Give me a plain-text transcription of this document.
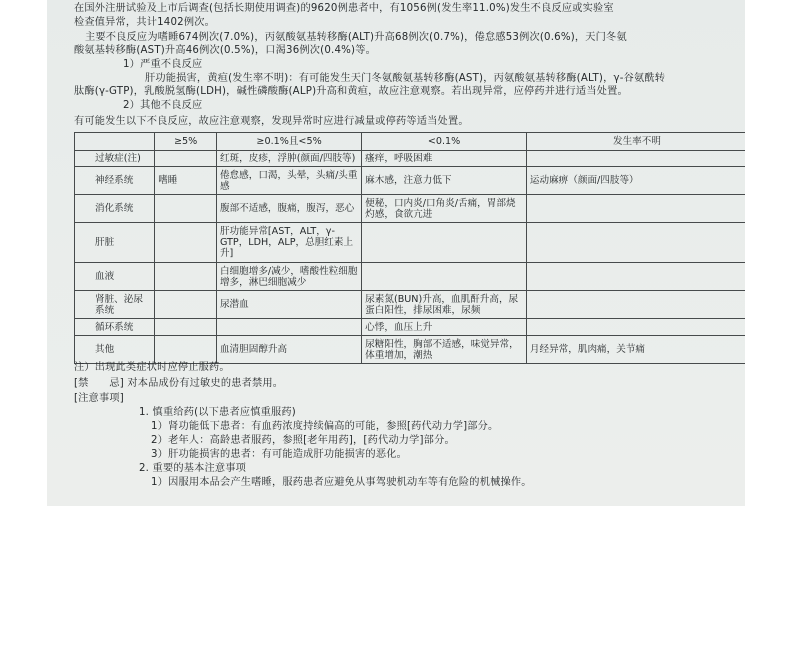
在国外注册试验及上市后调查(包括长期使用调查)的9620例患者中，有1056例(发生率11.0%)发生不良反应或实验室
检查值异常，共计1402例次。
主要不良反应为嗜睡674例次(7.0%)，丙氨酸氨基转移酶(ALT)升高68例次(0.7%)，倦怠感53例次(0.6%)，天门冬氨
酸氨基转移酶(AST)升高46例次(0.5%)，口渴36例次(0.4%)等。
1）严重不良反应
肝功能损害，黄疸(发生率不明)：有可能发生天门冬氨酸氨基转移酶(AST)，丙氨酸氨基转移酶(ALT)，γ-谷氨酰转
肽酶(γ-GTP)，乳酸脱氢酶(LDH)，碱性磷酸酶(ALP)升高和黄疸，故应注意观察。若出现异常，应停药并进行适当处置。
2）其他不良反应
有可能发生以下不良反应，故应注意观察，发现异常时应进行减量或停药等适当处置。
	≥5%	≥0.1%且<5%	<0.1%	发生率不明
过敏症(注)		红斑，皮疹，浮肿(颜面/四肢等)	瘙痒，呼吸困难	
神经系统	嗜睡	倦怠感，口渴，头晕，头痛/头重感	麻木感，注意力低下	运动麻痹（颜面/四肢等）
消化系统		腹部不适感，腹痛，腹泻，恶心	便秘，口内炎/口角炎/舌痛，胃部烧灼感，食欲亢进	
肝脏		肝功能异常[AST，ALT，γ-GTP，LDH，ALP，总胆红素上升]		
血液		白细胞增多/减少，嗜酸性粒细胞增多，淋巴细胞减少		
肾脏、泌尿系统		尿潜血	尿素氮(BUN)升高，血肌酐升高，尿蛋白阳性，排尿困难，尿频	
循环系统			心悸，血压上升	
其他		血清胆固醇升高	尿糖阳性，胸部不适感，味觉异常，体重增加，潮热	月经异常，肌肉痛，关节痛
注）出现此类症状时应停止服药。
[禁　　忌] 对本品成份有过敏史的患者禁用。
[注意事项]
1. 慎重给药(以下患者应慎重服药)
1）肾功能低下患者：有血药浓度持续偏高的可能，参照[药代动力学]部分。
2）老年人：高龄患者服药，参照[老年用药]，[药代动力学]部分。
3）肝功能损害的患者：有可能造成肝功能损害的恶化。
2. 重要的基本注意事项
1）因服用本品会产生嗜睡，服药患者应避免从事驾驶机动车等有危险的机械操作。
